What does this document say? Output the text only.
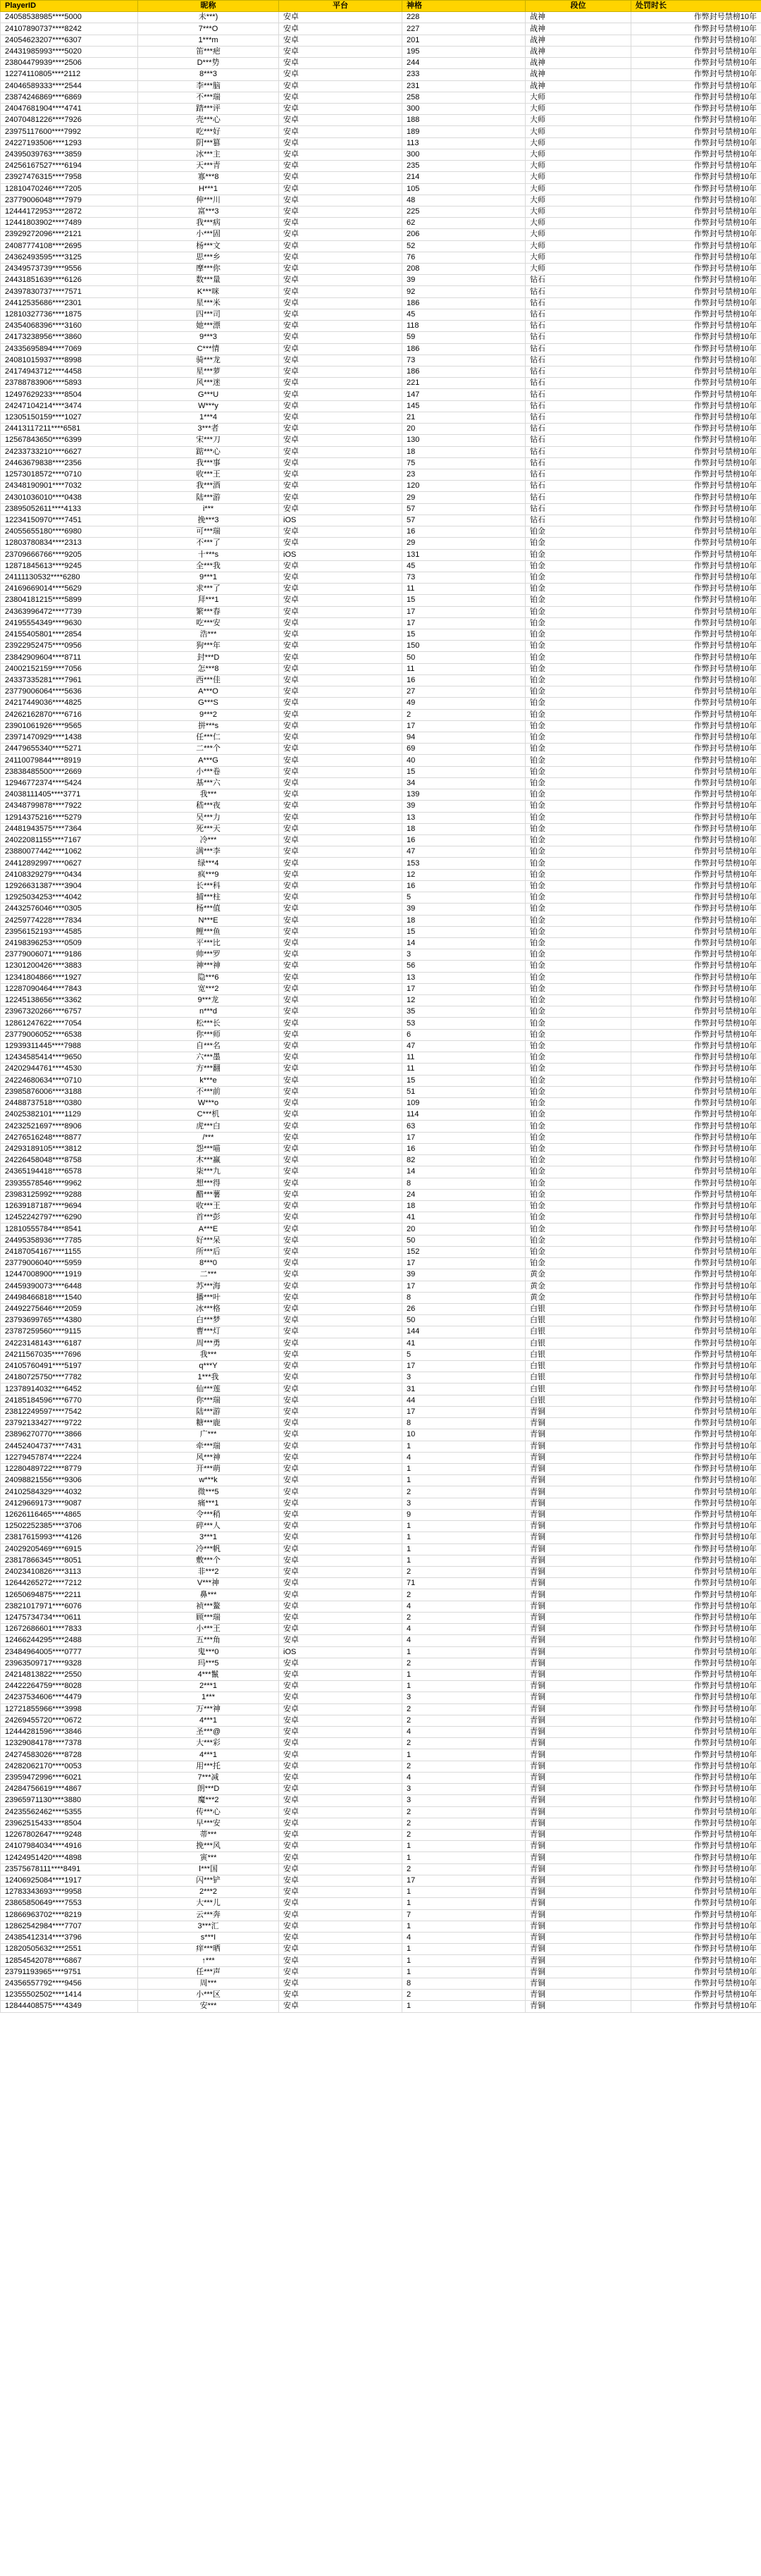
PlayerID	昵称	平台	神格	段位	处罚时长
24058538985****5000	未***)	安卓	228	战神	作弊封号禁榜10年
24107890737****8242	7***O	安卓	227	战神	作弊封号禁榜10年
24054623207****6307	1***m	安卓	201	战神	作弊封号禁榜10年
24431985993****5020	笛***疤	安卓	195	战神	作弊封号禁榜10年
23804479939****2506	D***势	安卓	244	战神	作弊封号禁榜10年
12274110805****2112	8***3	安卓	233	战神	作弊封号禁榜10年
24046589333****2544	李***脑	安卓	231	战神	作弊封号禁榜10年
23874246869****6869	不***瑞	安卓	258	大师	作弊封号禁榜10年
24047681904****4741	踏***评	安卓	300	大师	作弊封号禁榜10年
24070481226****7926	壳***心	安卓	188	大师	作弊封号禁榜10年
23975117600****7992	吃***好	安卓	189	大师	作弊封号禁榜10年
24227193506****1293	阴***篡	安卓	113	大师	作弊封号禁榜10年
24395039763****3859	冰***主	安卓	300	大师	作弊封号禁榜10年
24256167527****6194	天***青	安卓	235	大师	作弊封号禁榜10年
23927476315****7958	寡***8	安卓	214	大师	作弊封号禁榜10年
12810470246****7205	H***1	安卓	105	大师	作弊封号禁榜10年
23779006048****7979	伸***川	安卓	48	大师	作弊封号禁榜10年
12444172953****2872	富***3	安卓	225	大师	作弊封号禁榜10年
12441803902****7489	我***病	安卓	62	大师	作弊封号禁榜10年
23929272096****2121	小***固	安卓	206	大师	作弊封号禁榜10年
24087774108****2695	杨***文	安卓	52	大师	作弊封号禁榜10年
24362493595****3125	思***乡	安卓	76	大师	作弊封号禁榜10年
24349573739****9556	摩***你	安卓	208	大师	作弊封号禁榜10年
24431851639****6126	数***量	安卓	39	钻石	作弊封号禁榜10年
24397830737****7571	K***咪	安卓	92	钻石	作弊封号禁榜10年
24412535686****2301	星***米	安卓	186	钻石	作弊封号禁榜10年
12810327736****1875	四***司	安卓	45	钻石	作弊封号禁榜10年
24354068396****3160	她***漂	安卓	118	钻石	作弊封号禁榜10年
24173238956****3860	9***3	安卓	59	钻石	作弊封号禁榜10年
24335695894****7069	C***情	安卓	186	钻石	作弊封号禁榜10年
24081015937****8998	骑***龙	安卓	73	钻石	作弊封号禁榜10年
24174943712****4458	星***萝	安卓	186	钻石	作弊封号禁榜10年
23788783906****5893	风***迷	安卓	221	钻石	作弊封号禁榜10年
12497629233****8504	G***U	安卓	147	钻石	作弊封号禁榜10年
24247104214****3474	W***y	安卓	145	钻石	作弊封号禁榜10年
12305150159****1027	1***4	安卓	21	钻石	作弊封号禁榜10年
24413117211****6581	3***者	安卓	20	钻石	作弊封号禁榜10年
12567843650****6399	宋***刀	安卓	130	钻石	作弊封号禁榜10年
24233733210****6627	踮***心	安卓	18	钻石	作弊封号禁榜10年
24463679838****2356	我***事	安卓	75	钻石	作弊封号禁榜10年
12573018572****0710	收***王	安卓	23	钻石	作弊封号禁榜10年
24348190901****7032	我***酒	安卓	120	钻石	作弊封号禁榜10年
24301036010****0438	陆***游	安卓	29	钻石	作弊封号禁榜10年
23895052611****4133	i***	安卓	57	钻石	作弊封号禁榜10年
12234150970****7451	挽***3	iOS	57	钻石	作弊封号禁榜10年
24055655180****6980	可***瑞	安卓	16	铂金	作弊封号禁榜10年
12803780834****2313	不***了	安卓	29	铂金	作弊封号禁榜10年
23709666766****9205	十***s	iOS	131	铂金	作弊封号禁榜10年
12871845613****9245	全***我	安卓	45	铂金	作弊封号禁榜10年
24111130532****6280	9***1	安卓	73	铂金	作弊封号禁榜10年
24169669014****5629	求***了	安卓	11	铂金	作弊封号禁榜10年
23804181215****5899	拜***1	安卓	15	铂金	作弊封号禁榜10年
24363996472****7739	繁***春	安卓	17	铂金	作弊封号禁榜10年
24195554349****9630	吃***安	安卓	17	铂金	作弊封号禁榜10年
24155405801****2854	浩***	安卓	15	铂金	作弊封号禁榜10年
23922952475****0956	狗***年	安卓	150	铂金	作弊封号禁榜10年
23842909604****8711	封***D	安卓	50	铂金	作弊封号禁榜10年
24002152159****7056	怎***8	安卓	11	铂金	作弊封号禁榜10年
24337335281****7961	西***佳	安卓	16	铂金	作弊封号禁榜10年
23779006064****5636	A***O	安卓	27	铂金	作弊封号禁榜10年
24217449036****4825	G***S	安卓	49	铂金	作弊封号禁榜10年
24262162870****6716	9***2	安卓	2	铂金	作弊封号禁榜10年
23901061926****9565	拼***s	安卓	17	铂金	作弊封号禁榜10年
23971470929****1438	任***仁	安卓	94	铂金	作弊封号禁榜10年
24479655340****5271	二***个	安卓	69	铂金	作弊封号禁榜10年
24110079844****8919	A***G	安卓	40	铂金	作弊封号禁榜10年
23838485500****2669	小***卷	安卓	15	铂金	作弊封号禁榜10年
12946772374****5424	基***六	安卓	34	铂金	作弊封号禁榜10年
24038111405****3771	我***	安卓	139	铂金	作弊封号禁榜10年
24348799878****7922	嵇***夜	安卓	39	铂金	作弊封号禁榜10年
12914375216****5279	吴***力	安卓	13	铂金	作弊封号禁榜10年
24481943575****7364	死***天	安卓	18	铂金	作弊封号禁榜10年
24022081155****7167	冷***	安卓	16	铂金	作弊封号禁榜10年
23880077442****1062	满***李	安卓	47	铂金	作弊封号禁榜10年
24412892997****0627	绿***4	安卓	153	铂金	作弊封号禁榜10年
24108329279****0434	疯***9	安卓	12	铂金	作弊封号禁榜10年
12926631387****3904	长***科	安卓	16	铂金	作弊封号禁榜10年
12925034253****4042	捕***柱	安卓	5	铂金	作弊封号禁榜10年
24432576046****0305	杨***值	安卓	39	铂金	作弊封号禁榜10年
24259774228****7834	N***E	安卓	18	铂金	作弊封号禁榜10年
23956152193****4585	鲤***鱼	安卓	15	铂金	作弊封号禁榜10年
24198396253****0509	平***比	安卓	14	铂金	作弊封号禁榜10年
23779006071****9186	帅***罗	安卓	3	铂金	作弊封号禁榜10年
12301200426****3883	神***神	安卓	56	铂金	作弊封号禁榜10年
12341804866****1927	隐***6	安卓	13	铂金	作弊封号禁榜10年
12287090464****7843	宽***2	安卓	17	铂金	作弊封号禁榜10年
12245138656****3362	9***龙	安卓	12	铂金	作弊封号禁榜10年
23967320266****6757	n***d	安卓	35	铂金	作弊封号禁榜10年
12861247622****7054	松***长	安卓	53	铂金	作弊封号禁榜10年
23779006052****6538	你***师	安卓	6	铂金	作弊封号禁榜10年
12939311445****7988	自***名	安卓	47	铂金	作弊封号禁榜10年
12434585414****9650	六***墨	安卓	11	铂金	作弊封号禁榜10年
24202944761****4530	方***翻	安卓	11	铂金	作弊封号禁榜10年
24224680634****0710	k***e	安卓	15	铂金	作弊封号禁榜10年
23985876006****3188	不***前	安卓	51	铂金	作弊封号禁榜10年
24488737518****0380	W***o	安卓	109	铂金	作弊封号禁榜10年
24025382101****1129	C***机	安卓	114	铂金	作弊封号禁榜10年
24232521697****8906	虎***白	安卓	63	铂金	作弊封号禁榜10年
24276516248****8877	/***	安卓	17	铂金	作弊封号禁榜10年
24293189105****3812	怨***喵	安卓	16	铂金	作弊封号禁榜10年
24226458048****8758	木***赢	安卓	82	铂金	作弊封号禁榜10年
24365194418****6578	柒***九	安卓	14	铂金	作弊封号禁榜10年
23935578546****9962	想***得	安卓	8	铂金	作弊封号禁榜10年
23983125992****9288	醋***薯	安卓	24	铂金	作弊封号禁榜10年
12639187187****9694	收***王	安卓	18	铂金	作弊封号禁榜10年
12452242797****6290	首***彭	安卓	41	铂金	作弊封号禁榜10年
12810555784****8541	A***E	安卓	20	铂金	作弊封号禁榜10年
24495358936****7785	好***呆	安卓	50	铂金	作弊封号禁榜10年
24187054167****1155	所***后	安卓	152	铂金	作弊封号禁榜10年
23779006040****5959	8***0	安卓	17	铂金	作弊封号禁榜10年
12447008900****1919	二***	安卓	39	黄金	作弊封号禁榜10年
24459390073****6448	苏***海	安卓	17	黄金	作弊封号禁榜10年
24498466818****1540	播***叶	安卓	8	黄金	作弊封号禁榜10年
24492275646****2059	冰***格	安卓	26	白银	作弊封号禁榜10年
23793699765****4380	白***梦	安卓	50	白银	作弊封号禁榜10年
23787259560****9115	曹***灯	安卓	144	白银	作弊封号禁榜10年
24223148143****6187	周***勇	安卓	41	白银	作弊封号禁榜10年
24211567035****7696	我***	安卓	5	白银	作弊封号禁榜10年
24105760491****5197	q***Y	安卓	17	白银	作弊封号禁榜10年
24180725750****7782	1***我	安卓	3	白银	作弊封号禁榜10年
12378914032****6452	仙***莲	安卓	31	白银	作弊封号禁榜10年
24185184596****6770	你***瑞	安卓	44	白银	作弊封号禁榜10年
23812249597****7542	陆***游	安卓	17	青铜	作弊封号禁榜10年
23792133427****9722	糖***鹿	安卓	8	青铜	作弊封号禁榜10年
23896270770****3866	广***	安卓	10	青铜	作弊封号禁榜10年
24452404737****7431	牵***瑞	安卓	1	青铜	作弊封号禁榜10年
12279457874****2224	风***神	安卓	4	青铜	作弊封号禁榜10年
12280489722****8779	开***萌	安卓	1	青铜	作弊封号禁榜10年
24098821556****9306	w***k	安卓	1	青铜	作弊封号禁榜10年
24102584329****4032	微***5	安卓	2	青铜	作弊封号禁榜10年
24129669173****9087	痛***1	安卓	3	青铜	作弊封号禁榜10年
12626116465****4865	令***稍	安卓	9	青铜	作弊封号禁榜10年
12502252385****3706	碎***人	安卓	1	青铜	作弊封号禁榜10年
23817615993****4126	3***1	安卓	1	青铜	作弊封号禁榜10年
24029205469****6915	冷***帆	安卓	1	青铜	作弊封号禁榜10年
23817866345****8051	敷***个	安卓	1	青铜	作弊封号禁榜10年
24023410826****3113	非***2	安卓	2	青铜	作弊封号禁榜10年
12644265272****7212	V***神	安卓	71	青铜	作弊封号禁榜10年
12650694875****2211	鼻***	安卓	2	青铜	作弊封号禁榜10年
23821017971****6076	祯***鳌	安卓	4	青铜	作弊封号禁榜10年
12475734734****0611	顾***瑞	安卓	2	青铜	作弊封号禁榜10年
12672686601****7833	小***王	安卓	4	青铜	作弊封号禁榜10年
12466244295****2488	五***角	安卓	4	青铜	作弊封号禁榜10年
23484964005****0777	鬼***0	iOS	1	青铜	作弊封号禁榜10年
23963509717****9328	玛***5	安卓	2	青铜	作弊封号禁榜10年
24214813822****2550	4***鬣	安卓	1	青铜	作弊封号禁榜10年
24422264759****8028	2***1	安卓	1	青铜	作弊封号禁榜10年
24237534606****4479	1***	安卓	3	青铜	作弊封号禁榜10年
12721855966****3998	万***神	安卓	2	青铜	作弊封号禁榜10年
24269455720****0672	4***1	安卓	2	青铜	作弊封号禁榜10年
12444281596****3846	圣***@	安卓	4	青铜	作弊封号禁榜10年
12329084178****7378	大***彩	安卓	2	青铜	作弊封号禁榜10年
24274583026****8728	4***1	安卓	1	青铜	作弊封号禁榜10年
24282062170****0053	用***托	安卓	2	青铜	作弊封号禁榜10年
23959472996****6021	7***减	安卓	4	青铜	作弊封号禁榜10年
24284756619****4867	朗***D	安卓	3	青铜	作弊封号禁榜10年
23965971130****3880	魔***2	安卓	3	青铜	作弊封号禁榜10年
24235562462****5355	传***心	安卓	2	青铜	作弊封号禁榜10年
23962515433****8504	早***安	安卓	2	青铜	作弊封号禁榜10年
12267802647****9248	蒂***	安卓	2	青铜	作弊封号禁榜10年
24107984034****4916	挽***风	安卓	1	青铜	作弊封号禁榜10年
12424951420****4898	寅***	安卓	1	青铜	作弊封号禁榜10年
23575678111****8491	Ⅰ***国	安卓	2	青铜	作弊封号禁榜10年
12406925084****1917	闪***铲	安卓	17	青铜	作弊封号禁榜10年
12783343693****9958	2***2	安卓	1	青铜	作弊封号禁榜10年
23865850649****7553	大***儿	安卓	1	青铜	作弊封号禁榜10年
12866963702****8219	云***奔	安卓	7	青铜	作弊封号禁榜10年
12862542984****7707	3***汇	安卓	1	青铜	作弊封号禁榜10年
24385412314****3796	s***I	安卓	4	青铜	作弊封号禁榜10年
12820505632****2551	痒***晒	安卓	1	青铜	作弊封号禁榜10年
12854542078****6867	↑***	安卓	1	青铜	作弊封号禁榜10年
23791193965****9751	任***声	安卓	1	青铜	作弊封号禁榜10年
24356557792****9456	周***	安卓	8	青铜	作弊封号禁榜10年
12355502502****1414	小***区	安卓	2	青铜	作弊封号禁榜10年
12844408575****4349	安***	安卓	1	青铜	作弊封号禁榜10年
